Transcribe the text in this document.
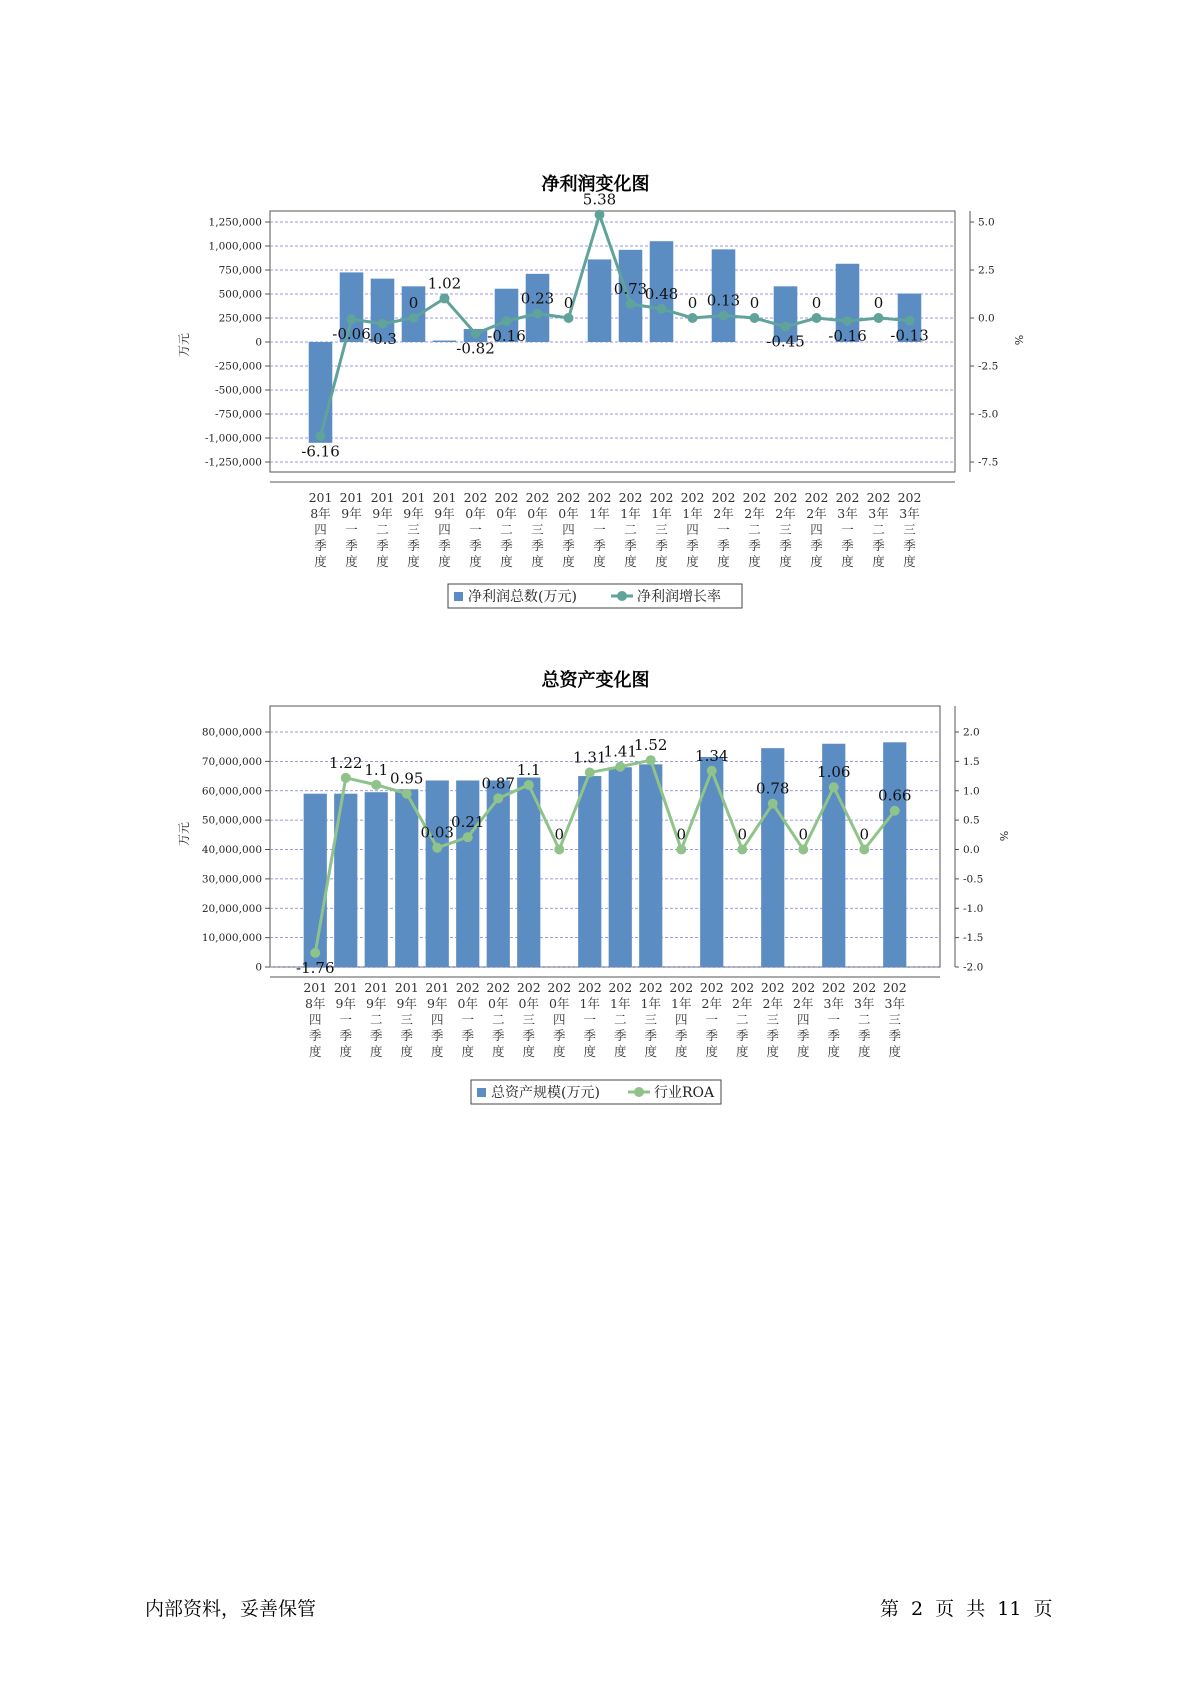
净利润变化图
-1,250,000
-1,000,000
-750,000
-500,000
-250,000
0
250,000
500,000
750,000
1,000,000
1,250,000
-7.5
-5.0
-2.5
0.0
2.5
5.0
万元	%
201 8年四季度
201 9年一季度
201 9年二季度
201 9年三季度
201 9年四季度
202 0年一季度
202 0年二季度
202 0年三季度
202 0年四季度
202 1年一季度
202 1年二季度
202 1年三季度
202 1年四季度
202 2年一季度
202 2年二季度
202 2年三季度
202 2年四季度
202 3年一季度
202 3年二季度
202 3年三季度
-6.16
-0.06
-0.3
0
1.02
-0.82
-0.16
0.23 0
5.38
0.73
0.48
0 0.13 0
-0.45
0
-0.16
0
-0.13
净利润总数(万元)	净利润增长率
总资产变化图
0
10,000,000
20,000,000
30,000,000
40,000,000
50,000,000
60,000,000
70,000,000
80,000,000
-2.0
-1.5
-1.0
-0.5
0.0
0.5
1.0
1.5
2.0
万元	%
201 8年四季度
201 9年一季度
201 9年二季度
201 9年三季度
201 9年四季度
202 0年一季度
202 0年二季度
202 0年三季度
202 0年四季度
202 1年一季度
202 1年二季度
202 1年三季度
202 1年四季度
202 2年一季度
202 2年二季度
202 2年三季度
202 2年四季度
202 3年一季度
202 3年二季度
202 3年三季度
-1.76
1.22 1.1 0.95
0.03
0.21
0.87
1.1
0
1.31
1.41
1.52
0
1.34
0
0.78
0
1.06
0
0.66
总资产规模(万元)	行业ROA
内部资料，妥善保管	第 2 页 共 11 页
